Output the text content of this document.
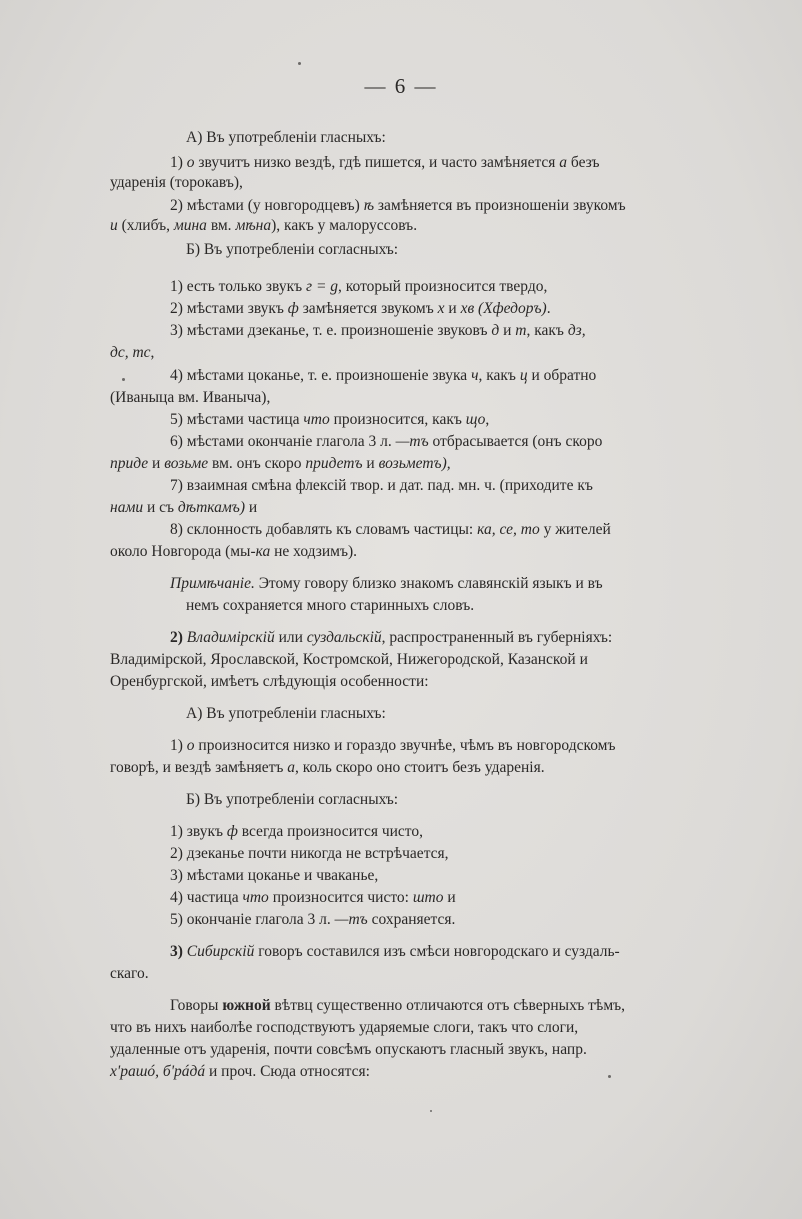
— 6 —
А) Въ употребленіи гласныхъ:
1) о звучитъ низко вездѣ, гдѣ пишется, и часто замѣняется а безъ
ударенія (торокавъ),
2) мѣстами (у новгородцевъ) ѣ замѣняется въ произношеніи звукомъ
и (хлибъ, мина вм. мѣна), какъ у малоруссовъ.
Б) Въ употребленіи согласныхъ:
1) есть только звукъ г = g, который произносится твердо,
2) мѣстами звукъ ф замѣняется звукомъ х и хв (Хфедоръ).
3) мѣстами дзеканье, т. е. произношеніе звуковъ д и т, какъ дз,
дс, тс,
4) мѣстами цоканье, т. е. произношеніе звука ч, какъ ц и обратно
(Иваныца вм. Иванычa),
5) мѣстами частица что произносится, какъ що,
6) мѣстами окончаніе глагола 3 л. —тъ отбрасывается (онъ скоро
приде и возьме вм. онъ скоро придетъ и возьметъ),
7) взаимная смѣна флексій твор. и дат. пад. мн. ч. (приходите къ
нами и съ дѣткамъ) и
8) склонность добавлять къ словамъ частицы: ка, се, то у жителей
около Новгорода (мы-ка не ходзимъ).
Примѣчаніе. Этому говору близко знакомъ славянскій языкъ и въ
немъ сохраняется много старинныхъ словъ.
2) Владимірскій или суздальскій, распространенный въ губерніяхъ:
Владимірской, Ярославской, Костромской, Нижегородской, Казанской и
Оренбургской, имѣетъ слѣдующія особенности:
А) Въ употребленіи гласныхъ:
1) о произносится низко и гораздо звучнѣе, чѣмъ въ новгородскомъ
говорѣ, и вездѣ замѣняетъ а, коль скоро оно стоитъ безъ ударенія.
Б) Въ употребленіи согласныхъ:
1) звукъ ф всегда произносится чисто,
2) дзеканье почти никогда не встрѣчается,
3) мѣстами цоканье и чваканье,
4) частица что произносится чисто: што и
5) окончаніе глагола 3 л. —тъ сохраняется.
3) Сибирскій говоръ составился изъ смѣси новгородскаго и суздаль-
скаго.
Говоры южной вѣтвц существенно отличаются отъ сѣверныхъ тѣмъ,
что въ нихъ наиболѣе господствуютъ ударяемые слоги, такъ что слоги,
удаленные отъ ударенія, почти совсѣмъ опускаютъ гласный звукъ, напр.
х'рашó, б'рáдá и проч. Сюда относятся:
